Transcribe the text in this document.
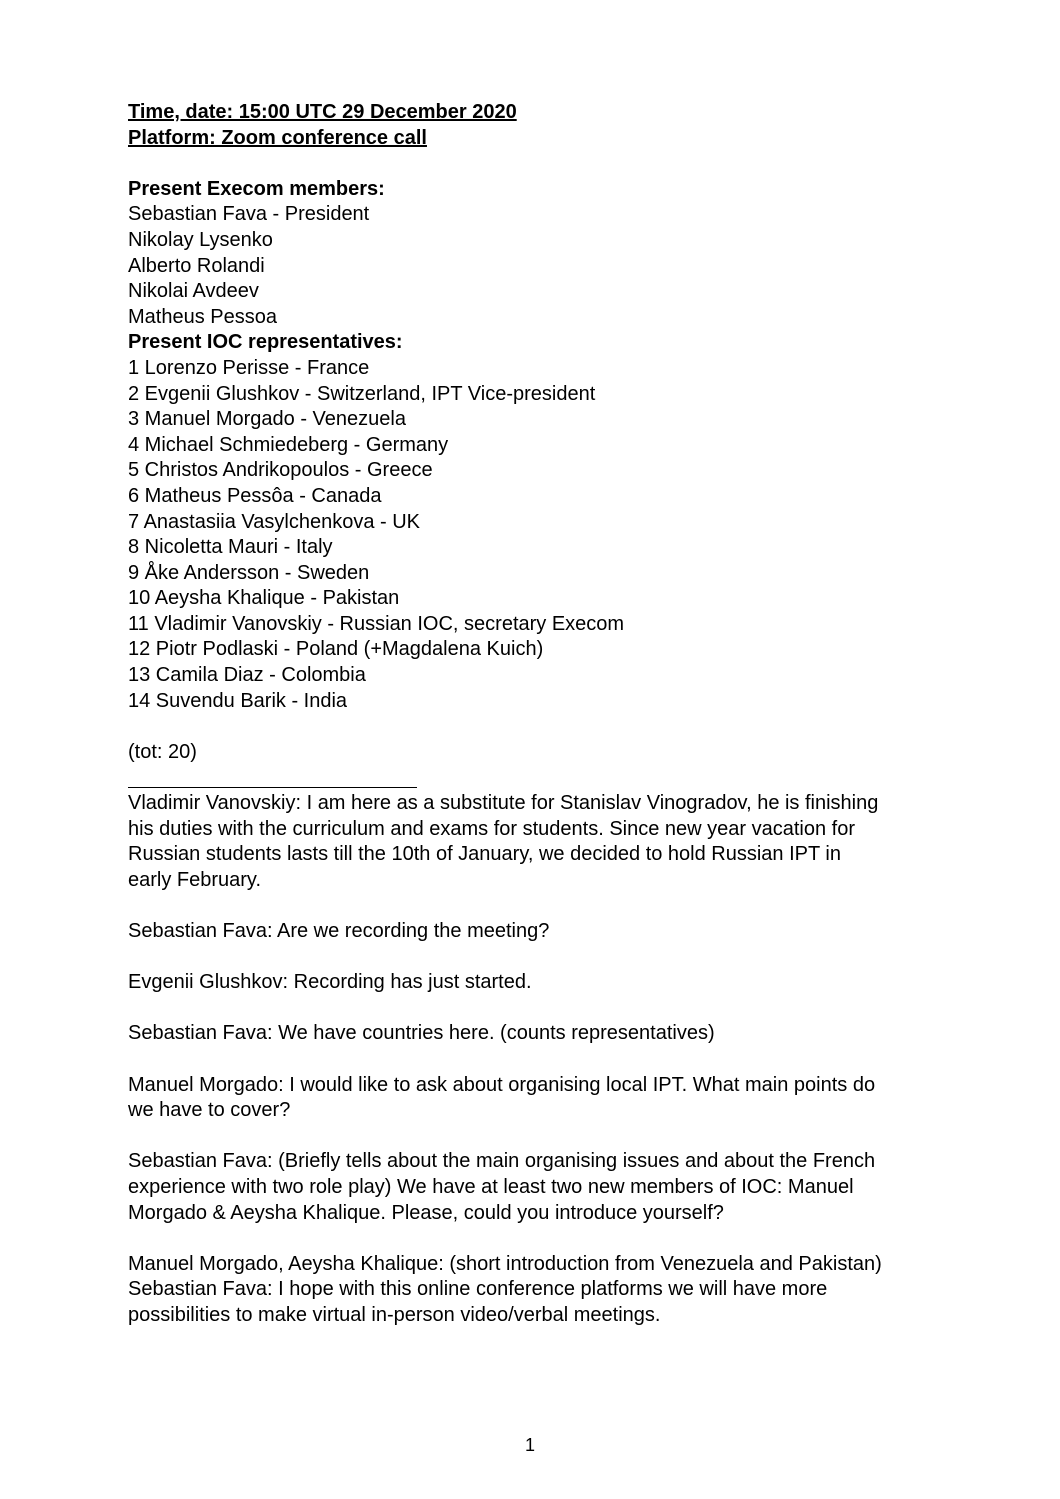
Time, date: 15:00 UTC 29 December 2020
Platform: Zoom conference call
Present Execom members:
Sebastian Fava - President
Nikolay Lysenko
Alberto Rolandi
Nikolai Avdeev
Matheus Pessoa
Present IOC representatives:
1 Lorenzo Perisse - France
2 Evgenii Glushkov - Switzerland, IPT Vice-president
3 Manuel Morgado - Venezuela
4 Michael Schmiedeberg - Germany
5 Christos Andrikopoulos - Greece
6 Matheus Pessôa - Canada
7 Anastasiia Vasylchenkova - UK
8 Nicoletta Mauri - Italy
9 Åke Andersson - Sweden
10 Aeysha Khalique - Pakistan
11 Vladimir Vanovskiy - Russian IOC, secretary Execom
12 Piotr Podlaski - Poland (+Magdalena Kuich)
13 Camila Diaz - Colombia
14 Suvendu Barik - India
(tot: 20)
Vladimir Vanovskiy: I am here as a substitute for Stanislav Vinogradov, he is finishing
his duties with the curriculum and exams for students. Since new year vacation for
Russian students lasts till the 10th of January, we decided to hold Russian IPT in
early February.
Sebastian Fava: Are we recording the meeting?
Evgenii Glushkov: Recording has just started.
Sebastian Fava: We have countries here. (counts representatives)
Manuel Morgado: I would like to ask about organising local IPT. What main points do
we have to cover?
Sebastian Fava: (Briefly tells about the main organising issues and about the French
experience with two role play) We have at least two new members of IOC: Manuel
Morgado & Aeysha Khalique. Please, could you introduce yourself?
Manuel Morgado, Aeysha Khalique: (short introduction from Venezuela and Pakistan)
Sebastian Fava: I hope with this online conference platforms we will have more
possibilities to make virtual in-person video/verbal meetings.
1
